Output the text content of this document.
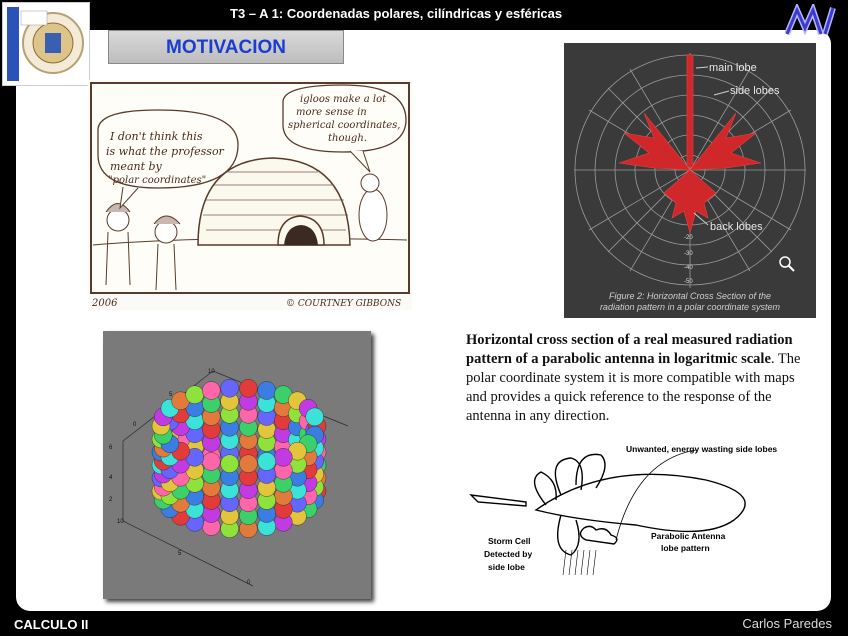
T3 – A 1: Coordenadas polares, cilíndricas y esféricas
MOTIVACION
I don't think this
is what the professor
meant by
"polar coordinates"
igloos make a lot
more sense in
spherical coordinates,
though.
2006	© COURTNEY GIBBONS
main lobe
side lobes
back lobes
-20
-30
-40
-50
Figure 2: Horizontal Cross Section of the
radiation pattern in a polar coordinate system
10
5
0
6
4
2
10
5
0
Horizontal cross section of a real measured radiation pattern of a parabolic antenna in logaritmic scale. The polar coordinate system it is more compatible with maps and provides a quick reference to the response of the antenna in any direction.
Unwanted, energy wasting side lobes
Storm Cell
Detected by
side lobe
Parabolic Antenna
lobe pattern
CALCULO II	Carlos Paredes
